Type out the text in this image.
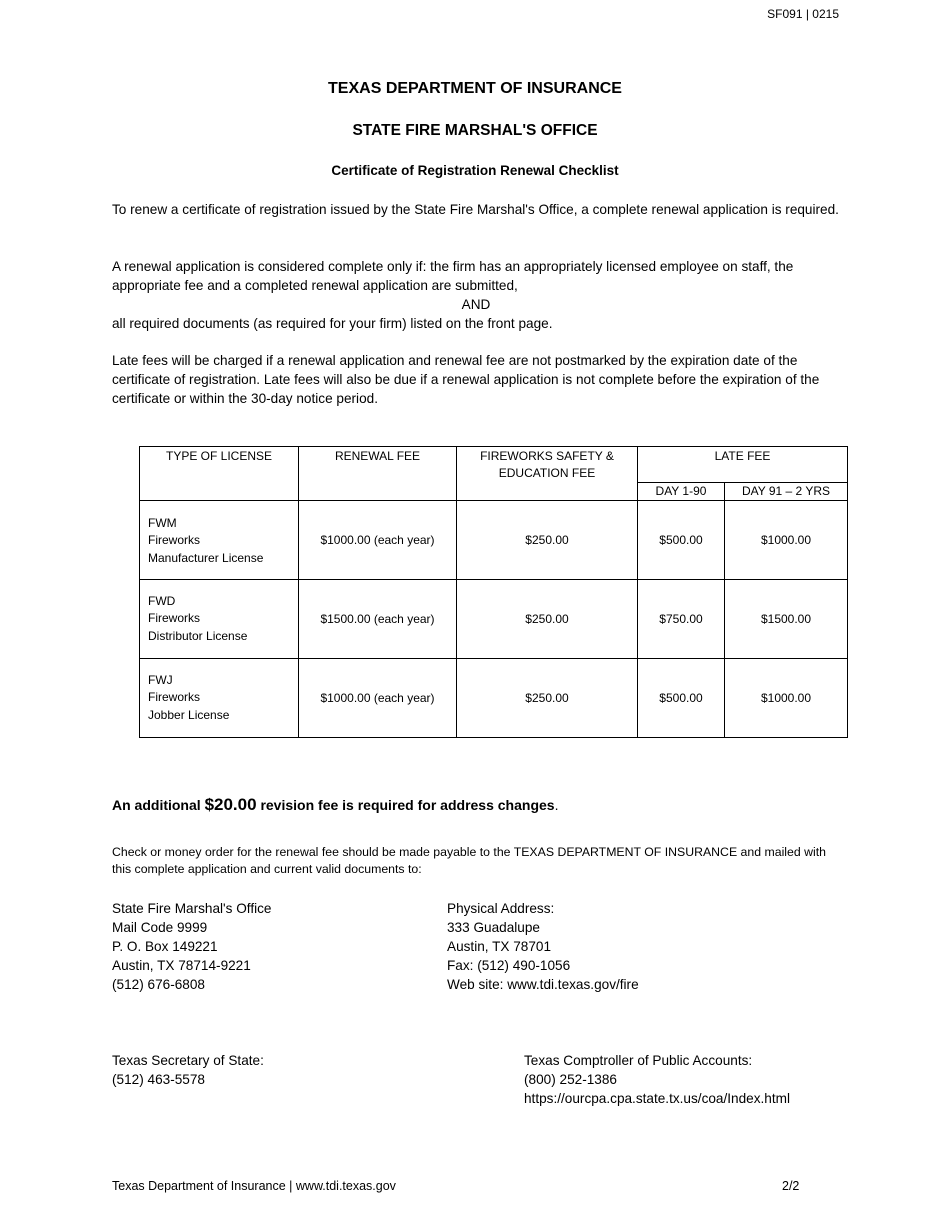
SF091 | 0215
TEXAS DEPARTMENT OF INSURANCE
STATE FIRE MARSHAL'S OFFICE
Certificate of Registration Renewal Checklist

To renew a certificate of registration issued by the State Fire Marshal's Office, a complete renewal application is required.

A renewal application is considered complete only if: the firm has an appropriately licensed employee on staff, the appropriate fee and a completed renewal application are submitted,
AND
all required documents (as required for your firm) listed on the front page.

Late fees will be charged if a renewal application and renewal fee are not postmarked by the expiration date of the certificate of registration. Late fees will also be due if a renewal application is not complete before the expiration of the certificate or within the 30-day notice period.

TYPE OF LICENSE	RENEWAL FEE	FIREWORKS SAFETY & EDUCATION FEE	LATE FEE	
			DAY 1-90	DAY 91 – 2 YRS

FWM
Fireworks
Manufacturer License	$1000.00 (each year)	$250.00	$500.00	$1000.00

FWD
Fireworks
Distributor License	$1500.00 (each year)	$250.00	$750.00	$1500.00

FWJ
Fireworks
Jobber License	$1000.00 (each year)	$250.00	$500.00	$1000.00
An additional $20.00 revision fee is required for address changes.

Check or money order for the renewal fee should be made payable to the TEXAS DEPARTMENT OF INSURANCE and mailed with this complete application and current valid documents to:

State Fire Marshal's Office
Mail Code 9999
P. O. Box 149221
Austin, TX 78714-9221
(512) 676-6808
Physical Address:
333 Guadalupe
Austin, TX 78701
Fax: (512) 490-1056
Web site: www.tdi.texas.gov/fire
Texas Secretary of State:
(512) 463-5578
Texas Comptroller of Public Accounts:
(800) 252-1386
https://ourcpa.cpa.state.tx.us/coa/Index.html
Texas Department of Insurance | www.tdi.texas.gov	2/2
